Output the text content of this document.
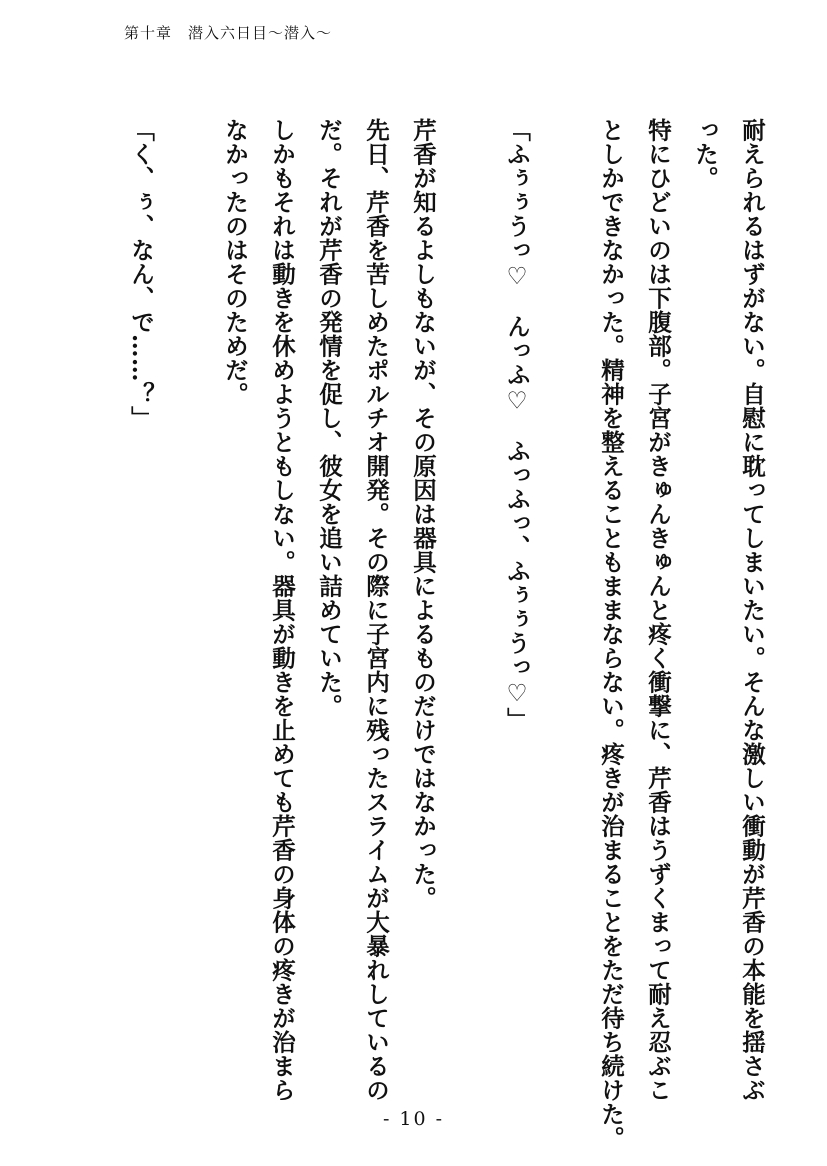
第十章　潜入六日目〜潜入〜
耐えられるはずがない。自慰に耽ってしまいたい。そんな激しい衝動が芹香の本能を揺さぶ
った。
特にひどいのは下腹部。子宮がきゅんきゅんと疼く衝撃に、芹香はうずくまって耐え忍ぶこ
としかできなかった。精神を整えることもままならない。疼きが治まることをただ待ち続けた。
「ふぅぅうっ♡　んっふ♡　ふっふっ、ふぅぅうっ♡」
芹香が知るよしもないが、その原因は器具によるものだけではなかった。
先日、芹香を苦しめたポルチオ開発。その際に子宮内に残ったスライムが大暴れしているの
だ。それが芹香の発情を促し、彼女を追い詰めていた。
しかもそれは動きを休めようともしない。器具が動きを止めても芹香の身体の疼きが治まら
なかったのはそのためだ。
「く、ぅ、なん、で……？」
- 10 -
